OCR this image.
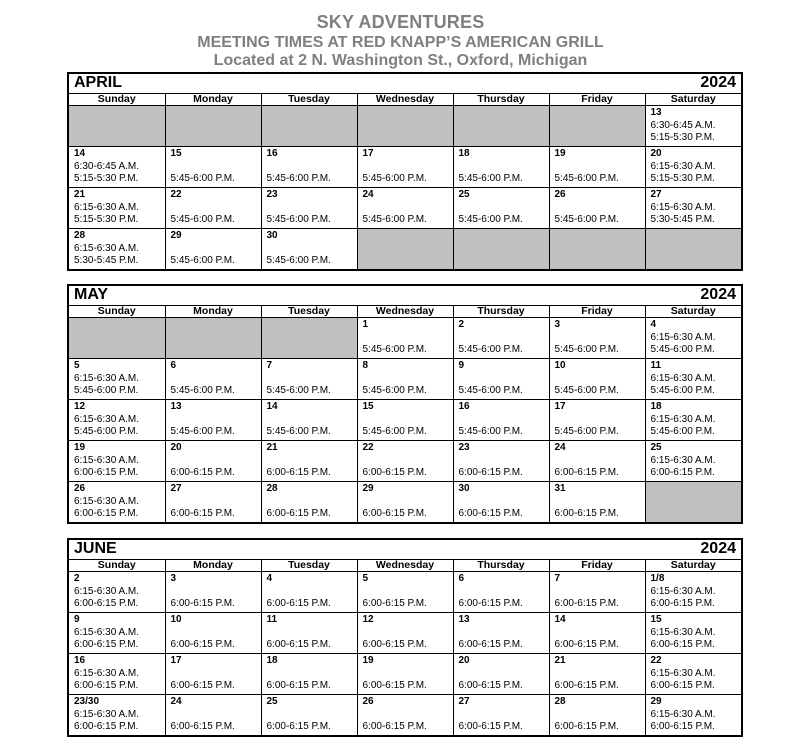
SKY ADVENTURES
MEETING TIMES AT RED KNAPP’S AMERICAN GRILL
Located at 2 N. Washington St., Oxford, Michigan
APRIL	2024
Sunday	Monday	Tuesday	Wednesday	Thursday	Friday	Saturday

						13
6:30-6:45 A.M.
5:15-5:30 P.M.

14
6:30-6:45 A.M.
5:15-5:30 P.M.	15
5:45-6:00 P.M.	16
5:45-6:00 P.M.	17
5:45-6:00 P.M.	18
5:45-6:00 P.M.	19
5:45-6:00 P.M.	20
6:15-6:30 A.M.
5:15-5:30 P.M.

21
6:15-6:30 A.M.
5:15-5:30 P.M.	22
5:45-6:00 P.M.	23
5:45-6:00 P.M.	24
5:45-6:00 P.M.	25
5:45-6:00 P.M.	26
5:45-6:00 P.M.	27
6:15-6:30 A.M.
5:30-5:45 P.M.

28
6:15-6:30 A.M.
5:30-5:45 P.M.	29
5:45-6:00 P.M.	30
5:45-6:00 P.M.				

MAY	2024
Sunday	Monday	Tuesday	Wednesday	Thursday	Friday	Saturday

			1
5:45-6:00 P.M.	2
5:45-6:00 P.M.	3
5:45-6:00 P.M.	4
6:15-6:30 A.M.
5:45-6:00 P.M.

5
6:15-6:30 A.M.
5:45-6:00 P.M.	6
5:45-6:00 P.M.	7
5:45-6:00 P.M.	8
5:45-6:00 P.M.	9
5:45-6:00 P.M.	10
5:45-6:00 P.M.	11
6:15-6:30 A.M.
5:45-6:00 P.M.

12
6:15-6:30 A.M.
5:45-6:00 P.M.	13
5:45-6:00 P.M.	14
5:45-6:00 P.M.	15
5:45-6:00 P.M.	16
5:45-6:00 P.M.	17
5:45-6:00 P.M.	18
6:15-6:30 A.M.
5:45-6:00 P.M.

19
6:15-6:30 A.M.
6:00-6:15 P.M.	20
6:00-6:15 P.M.	21
6:00-6:15 P.M.	22
6:00-6:15 P.M.	23
6:00-6:15 P.M.	24
6:00-6:15 P.M.	25
6:15-6:30 A.M.
6:00-6:15 P.M.

26
6:15-6:30 A.M.
6:00-6:15 P.M.	27
6:00-6:15 P.M.	28
6:00-6:15 P.M.	29
6:00-6:15 P.M.	30
6:00-6:15 P.M.	31
6:00-6:15 P.M.	

JUNE	2024
Sunday	Monday	Tuesday	Wednesday	Thursday	Friday	Saturday

2
6:15-6:30 A.M.
6:00-6:15 P.M.	3
6:00-6:15 P.M.	4
6:00-6:15 P.M.	5
6:00-6:15 P.M.	6
6:00-6:15 P.M.	7
6:00-6:15 P.M.	1/8
6:15-6:30 A.M.
6:00-6:15 P.M.

9
6:15-6:30 A.M.
6:00-6:15 P.M.	10
6:00-6:15 P.M.	11
6:00-6:15 P.M.	12
6:00-6:15 P.M.	13
6:00-6:15 P.M.	14
6:00-6:15 P.M.	15
6:15-6:30 A.M.
6:00-6:15 P.M.

16
6:15-6:30 A.M.
6:00-6:15 P.M.	17
6:00-6:15 P.M.	18
6:00-6:15 P.M.	19
6:00-6:15 P.M.	20
6:00-6:15 P.M.	21
6:00-6:15 P.M.	22
6:15-6:30 A.M.
6:00-6:15 P.M.

23/30
6:15-6:30 A.M.
6:00-6:15 P.M.	24
6:00-6:15 P.M.	25
6:00-6:15 P.M.	26
6:00-6:15 P.M.	27
6:00-6:15 P.M.	28
6:00-6:15 P.M.	29
6:15-6:30 A.M.
6:00-6:15 P.M.
